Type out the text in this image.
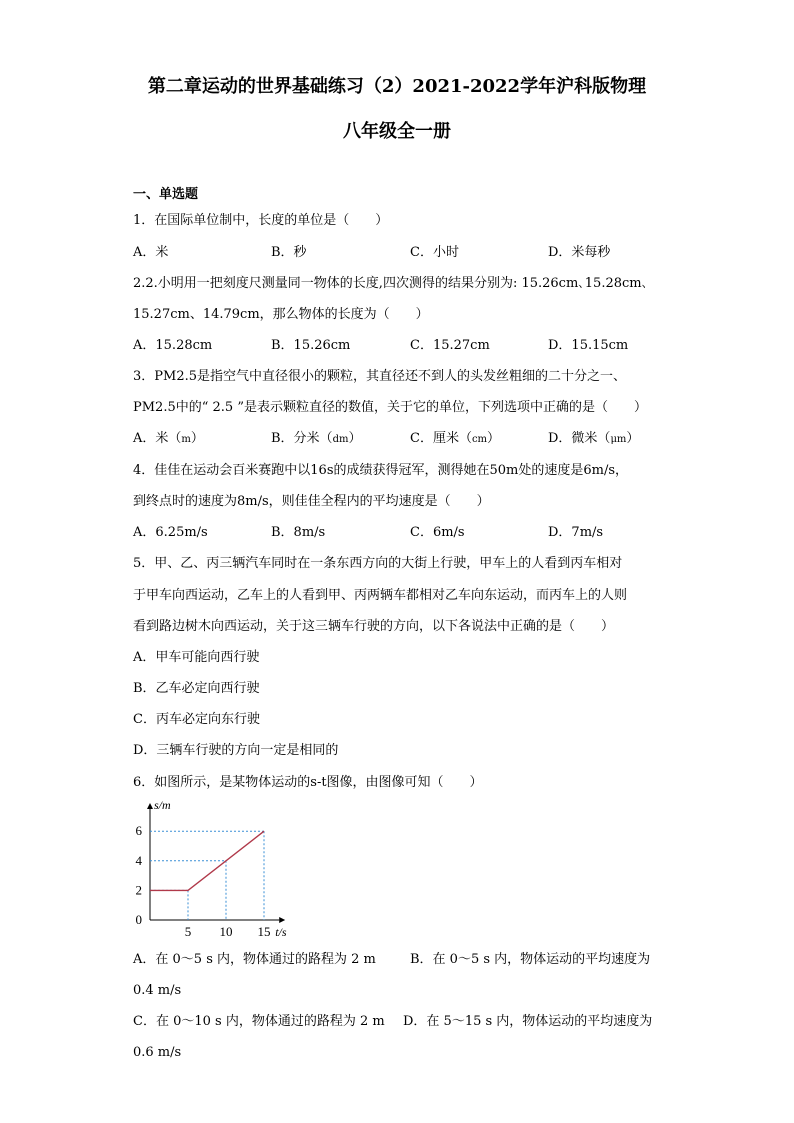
第二章运动的世界基础练习（2）2021-2022学年沪科版物理
八年级全一册
一、单选题
1．在国际单位制中，长度的单位是（　　）
A．米	B．秒	C．小时	D．米每秒
2.2.小明用一把刻度尺测量同一物体的长度,四次测得的结果分别为: 15.26cm､15.28cm､
15.27cm、14.79cm，那么物体的长度为（　　）
A．15.28cm	B．15.26cm	C．15.27cm	D．15.15cm
3．PM2.5是指空气中直径很小的颗粒，其直径还不到人的头发丝粗细的二十分之一、
PM2.5中的“ 2.5 ”是表示颗粒直径的数值，关于它的单位，下列选项中正确的是（　　）
A．米（m）	B．分米（dm）	C．厘米（cm）	D．微米（μm）
4．佳佳在运动会百米赛跑中以16s的成绩获得冠军，测得她在50m处的速度是6m/s，
到终点时的速度为8m/s，则佳佳全程内的平均速度是（　　）
A．6.25m/s	B．8m/s	C．6m/s	D．7m/s
5．甲、乙、丙三辆汽车同时在一条东西方向的大街上行驶，甲车上的人看到丙车相对
于甲车向西运动，乙车上的人看到甲、丙两辆车都相对乙车向东运动，而丙车上的人则
看到路边树木向西运动，关于这三辆车行驶的方向，以下各说法中正确的是（　　）
A．甲车可能向西行驶
B．乙车必定向西行驶
C．丙车必定向东行驶
D．三辆车行驶的方向一定是相同的
6．如图所示，是某物体运动的s-t图像，由图像可知（　　）
0
2
4
6
5 10 15
s/m
t/s
A．在 0～5 s 内，物体通过的路程为 2 m	B．在 0～5 s 内，物体运动的平均速度为
0.4 m/s
C．在 0～10 s 内，物体通过的路程为 2 m D．在 5～15 s 内，物体运动的平均速度为
0.6 m/s
